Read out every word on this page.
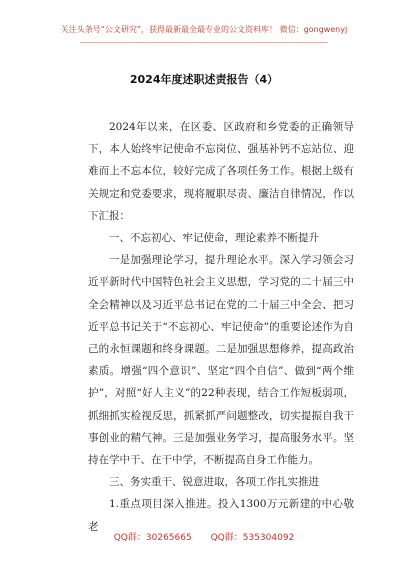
关注头条号“公文研究”，获得最新最全最专业的公文资料库！ 微信：gongwenyj
2024年度述职述责报告（4）

2024年以来，在区委、区政府和乡党委的正确领导下，本人始终牢记使命不忘岗位、强基补钙不忘站位、迎难而上不忘本位，较好完成了各项任务工作。根据上级有关规定和党委要求，现将履职尽责、廉洁自律情况，作以下汇报：

一、不忘初心、牢记使命，理论素养不断提升

一是加强理论学习，提升理论水平。深入学习领会习近平新时代中国特色社会主义思想，学习党的二十届三中全会精神以及习近平总书记在党的二十届三中全会、把习近平总书记关于“不忘初心、牢记使命”的重要论述作为自己的永恒课题和终身课题。二是加强思想修养，提高政治素质。增强“四个意识”、坚定“四个自信”、做到“两个维护”，对照“好人主义”的22种表现，结合工作短板弱项，抓细抓实检视反思，抓紧抓严问题整改，切实提振自我干事创业的精气神。三是加强业务学习，提高服务水平。坚持在学中干、在干中学，不断提高自身工作能力。

三、务实重干、锐意进取，各项工作扎实推进

1.重点项目深入推进。投入1300万元新建的中心敬老

QQ群：30265665 QQ群：535304092
